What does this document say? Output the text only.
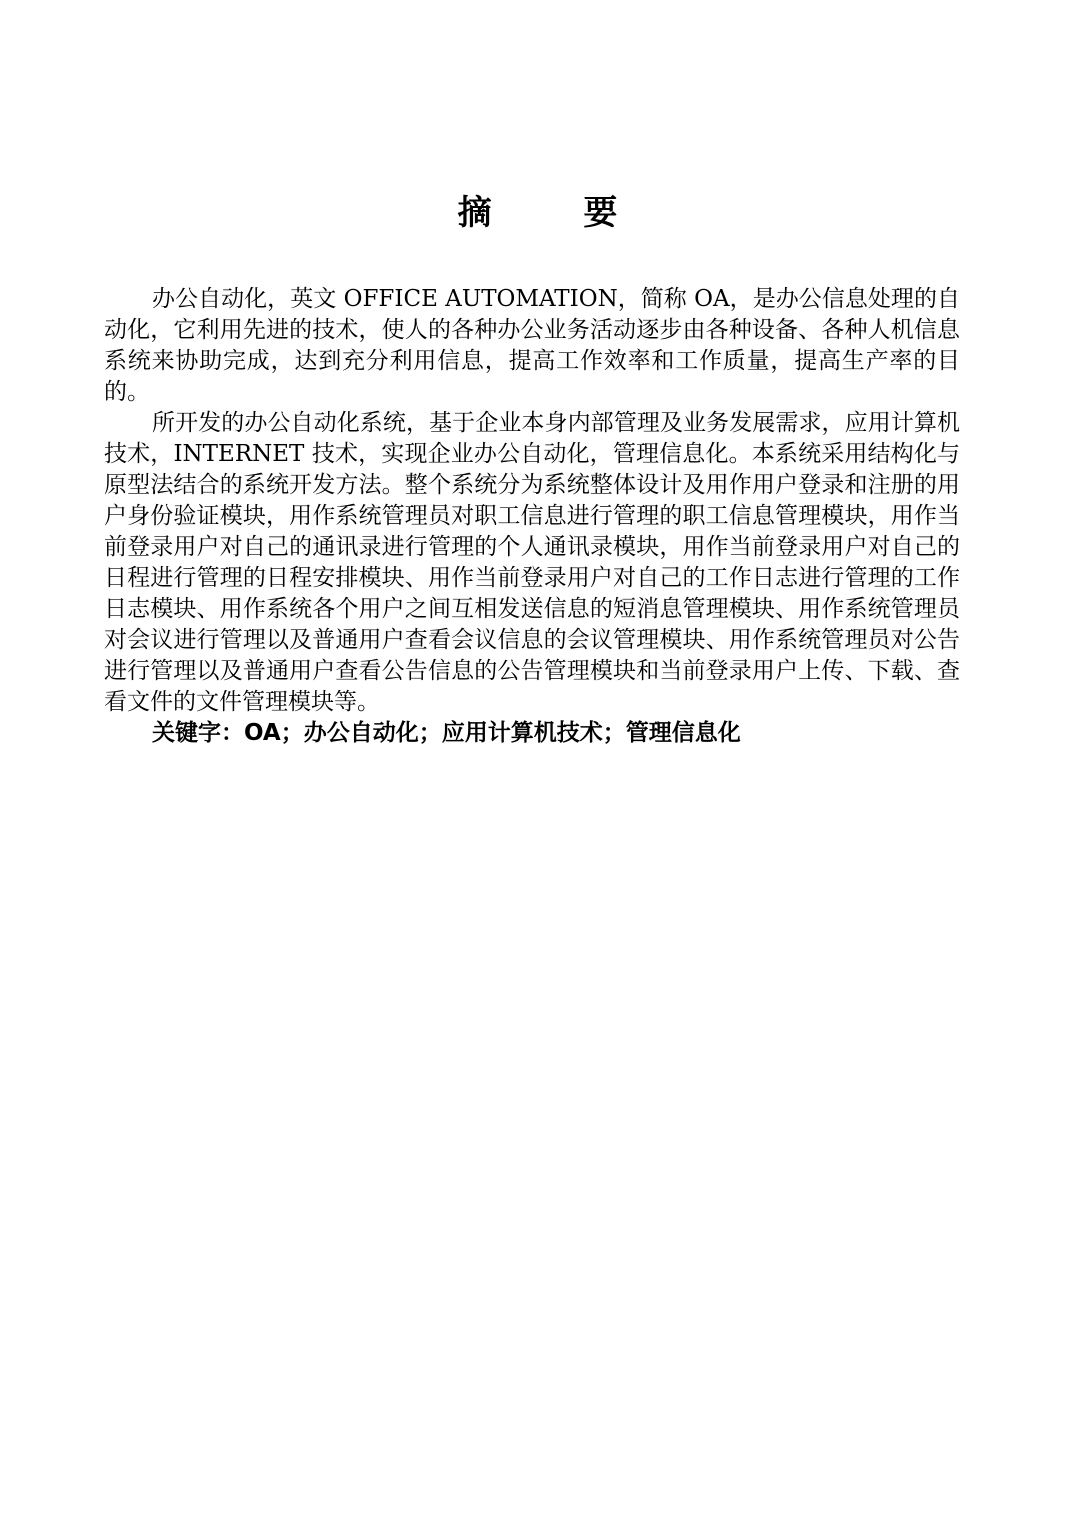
摘 要

办公自动化，英文 OFFICE AUTOMATION，简称 OA，是办公信息处理的自动化，它利用先进的技术，使人的各种办公业务活动逐步由各种设备、各种人机信息系统来协助完成，达到充分利用信息，提高工作效率和工作质量，提高生产率的目的。

所开发的办公自动化系统，基于企业本身内部管理及业务发展需求，应用计算机技术，INTERNET 技术，实现企业办公自动化，管理信息化。本系统采用结构化与原型法结合的系统开发方法。整个系统分为系统整体设计及用作用户登录和注册的用户身份验证模块，用作系统管理员对职工信息进行管理的职工信息管理模块，用作当前登录用户对自己的通讯录进行管理的个人通讯录模块，用作当前登录用户对自己的日程进行管理的日程安排模块、用作当前登录用户对自己的工作日志进行管理的工作日志模块、用作系统各个用户之间互相发送信息的短消息管理模块、用作系统管理员对会议进行管理以及普通用户查看会议信息的会议管理模块、用作系统管理员对公告进行管理以及普通用户查看公告信息的公告管理模块和当前登录用户上传、下载、查看文件的文件管理模块等。

关键字：OA；办公自动化；应用计算机技术；管理信息化
